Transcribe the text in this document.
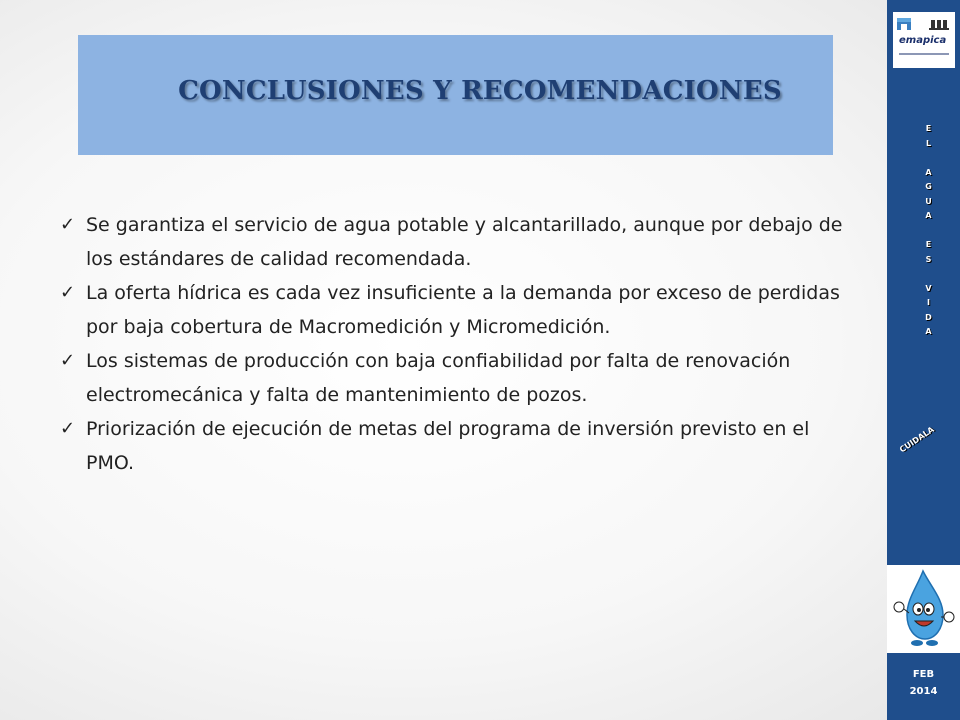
CONCLUSIONES Y RECOMENDACIONES
✓ Se garantiza el servicio de agua potable y alcantarillado, aunque por debajo de los estándares de calidad recomendada.
✓ La oferta hídrica es cada vez insuficiente a la demanda por exceso de perdidas por baja cobertura de Macromedición y Micromedición.
✓ Los sistemas de producción con baja confiabilidad por falta de renovación electromecánica y falta de mantenimiento de pozos.
✓ Priorización de ejecución de metas del programa de inversión previsto en el PMO.
emapica
E
L
A
G
U
A
E
S
V
I
D
A
CUIDALA
FEB
2014
